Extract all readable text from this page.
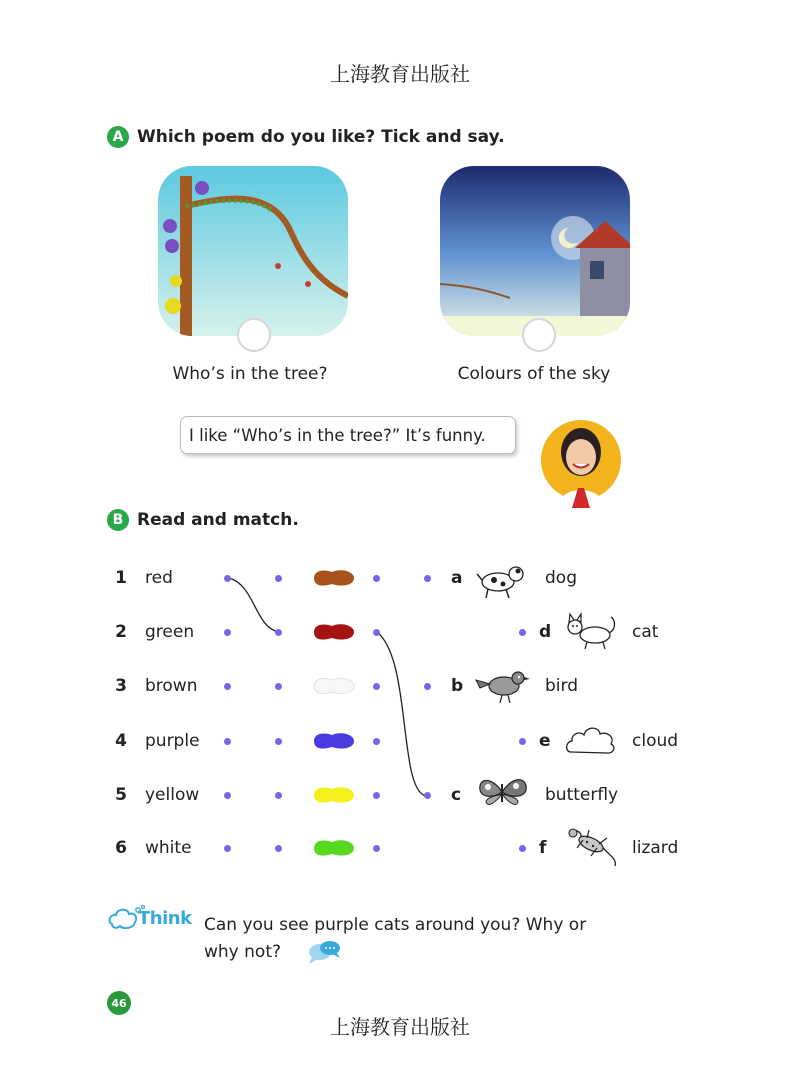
上海教育出版社
上海教育出版社
A Which poem do you like? Tick and say.
Who’s in the tree?	Colours of the sky
I like “Who’s in the tree?” It’s funny.
B Read and match.
1 red
2 green
3 brown
4 purple
5 yellow
6 white
a	dog
d	cat
b	bird
e	cloud
c	butterfly
f	lizard
Think Can you see purple cats around you? Why or
why not?
46
